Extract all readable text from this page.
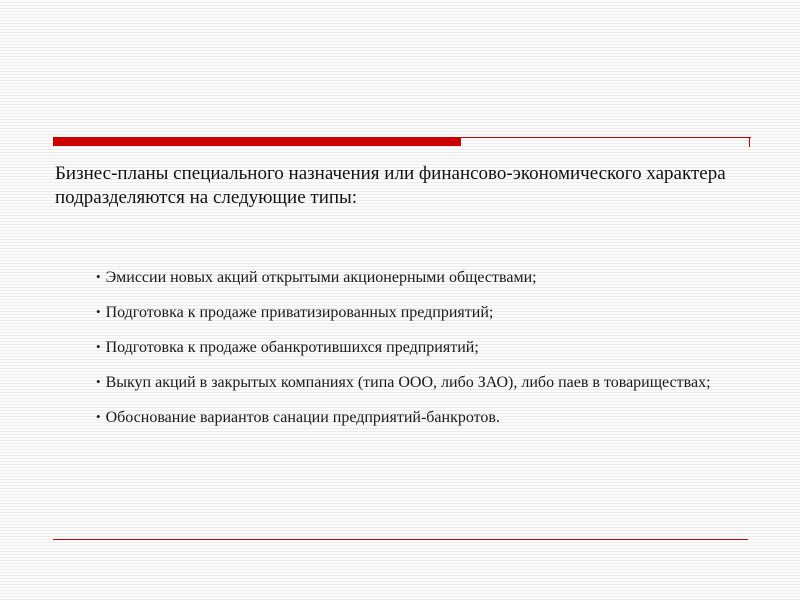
Бизнес-планы специального назначения или финансово-экономического характера подразделяются на следующие типы:

• Эмиссии новых акций открытыми акционерными обществами;
• Подготовка к продаже приватизированных предприятий;
• Подготовка к продаже обанкротившихся предприятий;
• Выкуп акций в закрытых компаниях (типа ООО, либо ЗАО), либо паев в товариществах;
• Обоснование вариантов санации предприятий-банкротов.
